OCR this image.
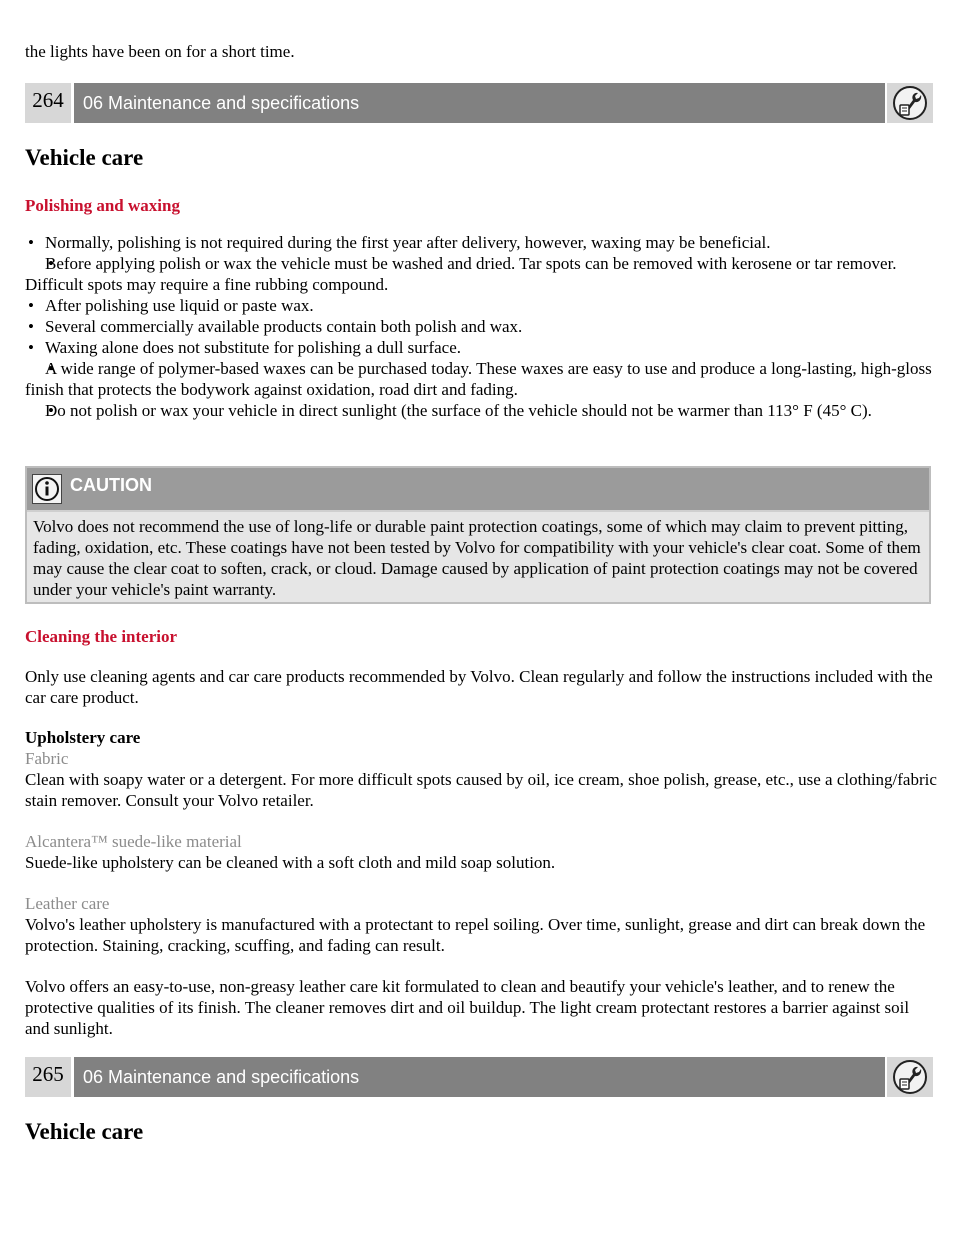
the lights have been on for a short time.
264	06 Maintenance and specifications
Vehicle care
Polishing and waxing
• Normally, polishing is not required during the first year after delivery, however, waxing may be beneficial.
• Before applying polish or wax the vehicle must be washed and dried. Tar spots can be removed with kerosene or tar remover. Difficult spots may require a fine rubbing compound.
• After polishing use liquid or paste wax.
• Several commercially available products contain both polish and wax.
• Waxing alone does not substitute for polishing a dull surface.
• A wide range of polymer-based waxes can be purchased today. These waxes are easy to use and produce a long-lasting, high-gloss finish that protects the bodywork against oxidation, road dirt and fading.
• Do not polish or wax your vehicle in direct sunlight (the surface of the vehicle should not be warmer than 113° F (45° C).
CAUTION
Volvo does not recommend the use of long-life or durable paint protection coatings, some of which may claim to prevent pitting, fading, oxidation, etc. These coatings have not been tested by Volvo for compatibility with your vehicle's clear coat. Some of them may cause the clear coat to soften, crack, or cloud. Damage caused by application of paint protection coatings may not be covered under your vehicle's paint warranty.
Cleaning the interior

Only use cleaning agents and car care products recommended by Volvo. Clean regularly and follow the instructions included with the car care product.

Upholstery care
Fabric

Clean with soapy water or a detergent. For more difficult spots caused by oil, ice cream, shoe polish, grease, etc., use a clothing/fabric stain remover. Consult your Volvo retailer.

Alcantera™ suede-like material

Suede-like upholstery can be cleaned with a soft cloth and mild soap solution.

Leather care

Volvo's leather upholstery is manufactured with a protectant to repel soiling. Over time, sunlight, grease and dirt can break down the protection. Staining, cracking, scuffing, and fading can result.

Volvo offers an easy-to-use, non-greasy leather care kit formulated to clean and beautify your vehicle's leather, and to renew the protective qualities of its finish. The cleaner removes dirt and oil buildup. The light cream protectant restores a barrier against soil and sunlight.

265	06 Maintenance and specifications
Vehicle care
